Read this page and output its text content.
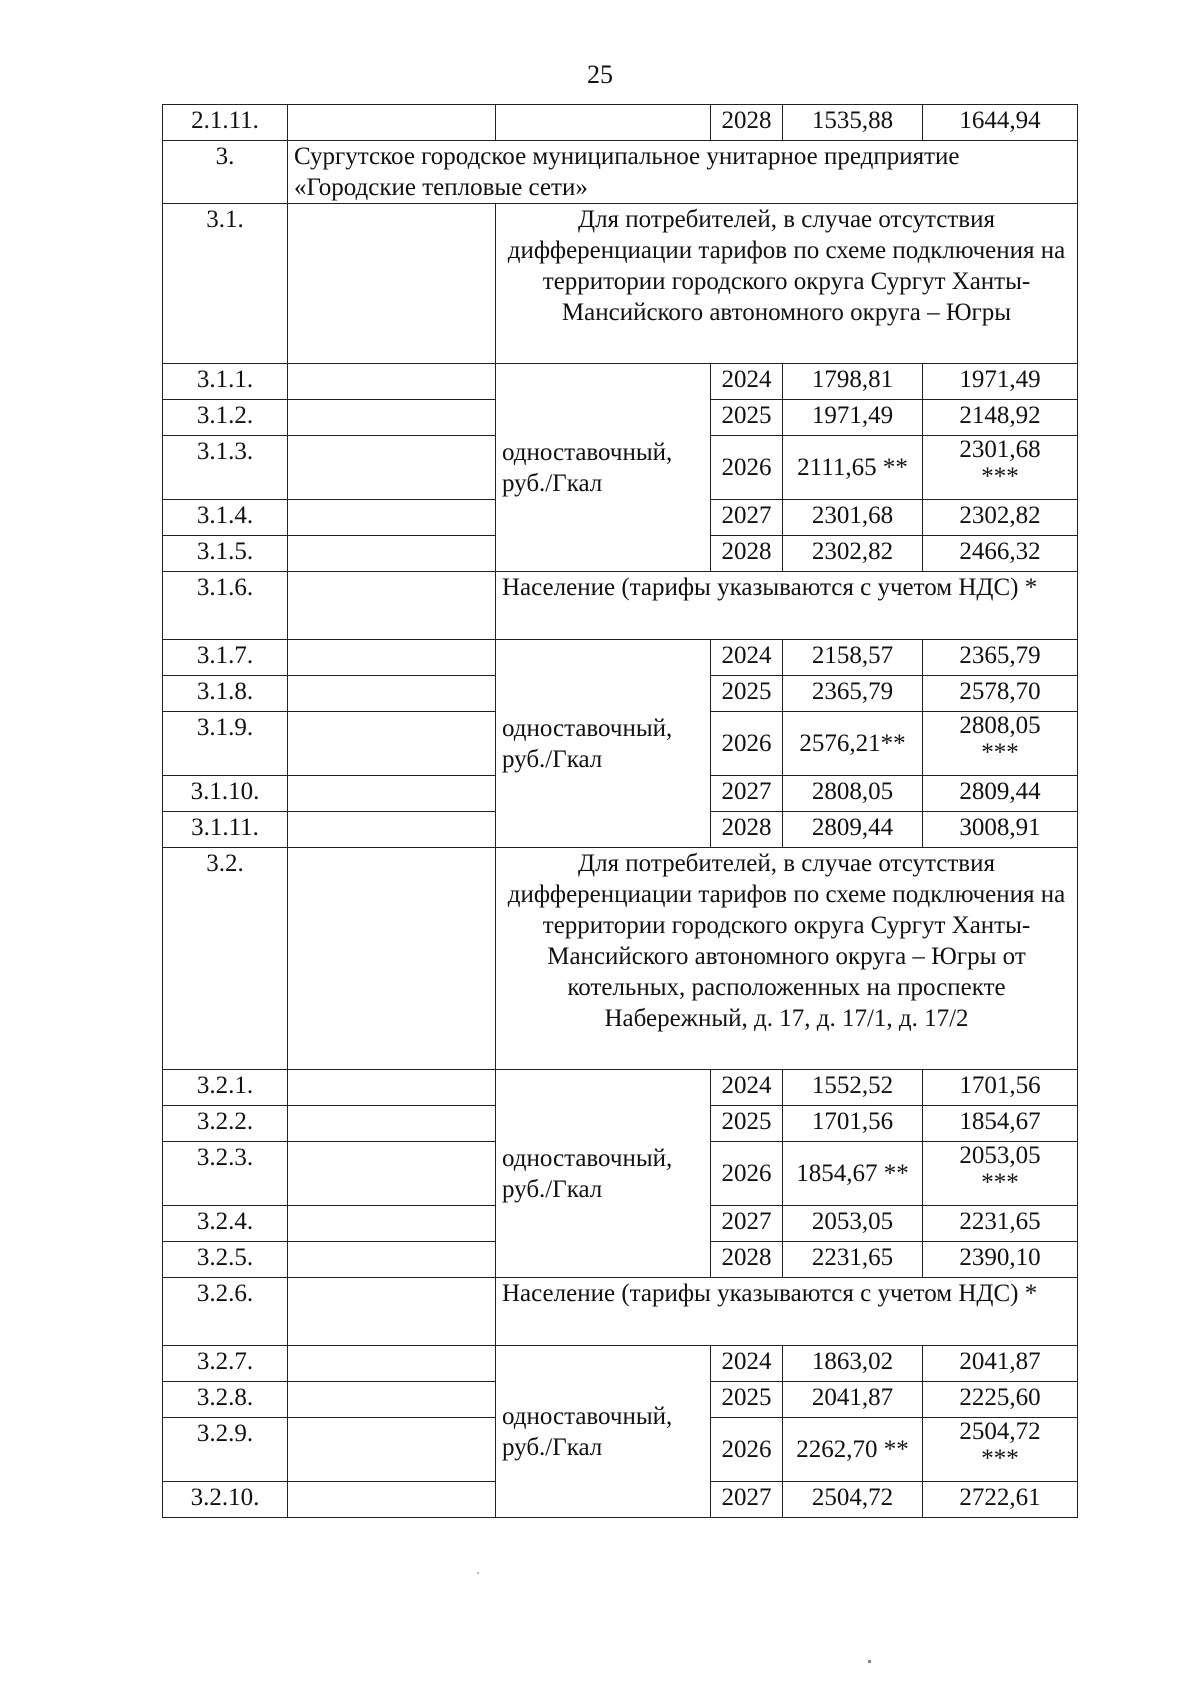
25
2.1.11.			2028	1535,88	1644,94
3.	Сургутское городское муниципальное унитарное предприятие «Городские тепловые сети»				
3.1.		Для потребителей, в случае отсутствия дифференциации тарифов по схеме подключения на территории городского округа Сургут Ханты-Мансийского автономного округа – Югры			
3.1.1.		одноставочный, руб./Гкал	2024	1798,81	1971,49
3.1.2.			2025	1971,49	2148,92
3.1.3.			2026	2111,65 **	2301,68
***

3.1.4.			2027	2301,68	2302,82
3.1.5.			2028	2302,82	2466,32
3.1.6.		Население (тарифы указываются с учетом НДС) *			
3.1.7.		одноставочный, руб./Гкал	2024	2158,57	2365,79
3.1.8.			2025	2365,79	2578,70
3.1.9.			2026	2576,21**	2808,05
***

3.1.10.			2027	2808,05	2809,44
3.1.11.			2028	2809,44	3008,91
3.2.		Для потребителей, в случае отсутствия дифференциации тарифов по схеме подключения на территории городского округа Сургут Ханты-Мансийского автономного округа – Югры от котельных, расположенных на проспекте Набережный, д. 17, д. 17/1, д. 17/2			
3.2.1.		одноставочный, руб./Гкал	2024	1552,52	1701,56
3.2.2.			2025	1701,56	1854,67
3.2.3.			2026	1854,67 **	2053,05
***

3.2.4.			2027	2053,05	2231,65
3.2.5.			2028	2231,65	2390,10
3.2.6.		Население (тарифы указываются с учетом НДС) *			
3.2.7.		одноставочный, руб./Гкал	2024	1863,02	2041,87
3.2.8.			2025	2041,87	2225,60
3.2.9.			2026	2262,70 **	2504,72
***

3.2.10.			2027	2504,72	2722,61
